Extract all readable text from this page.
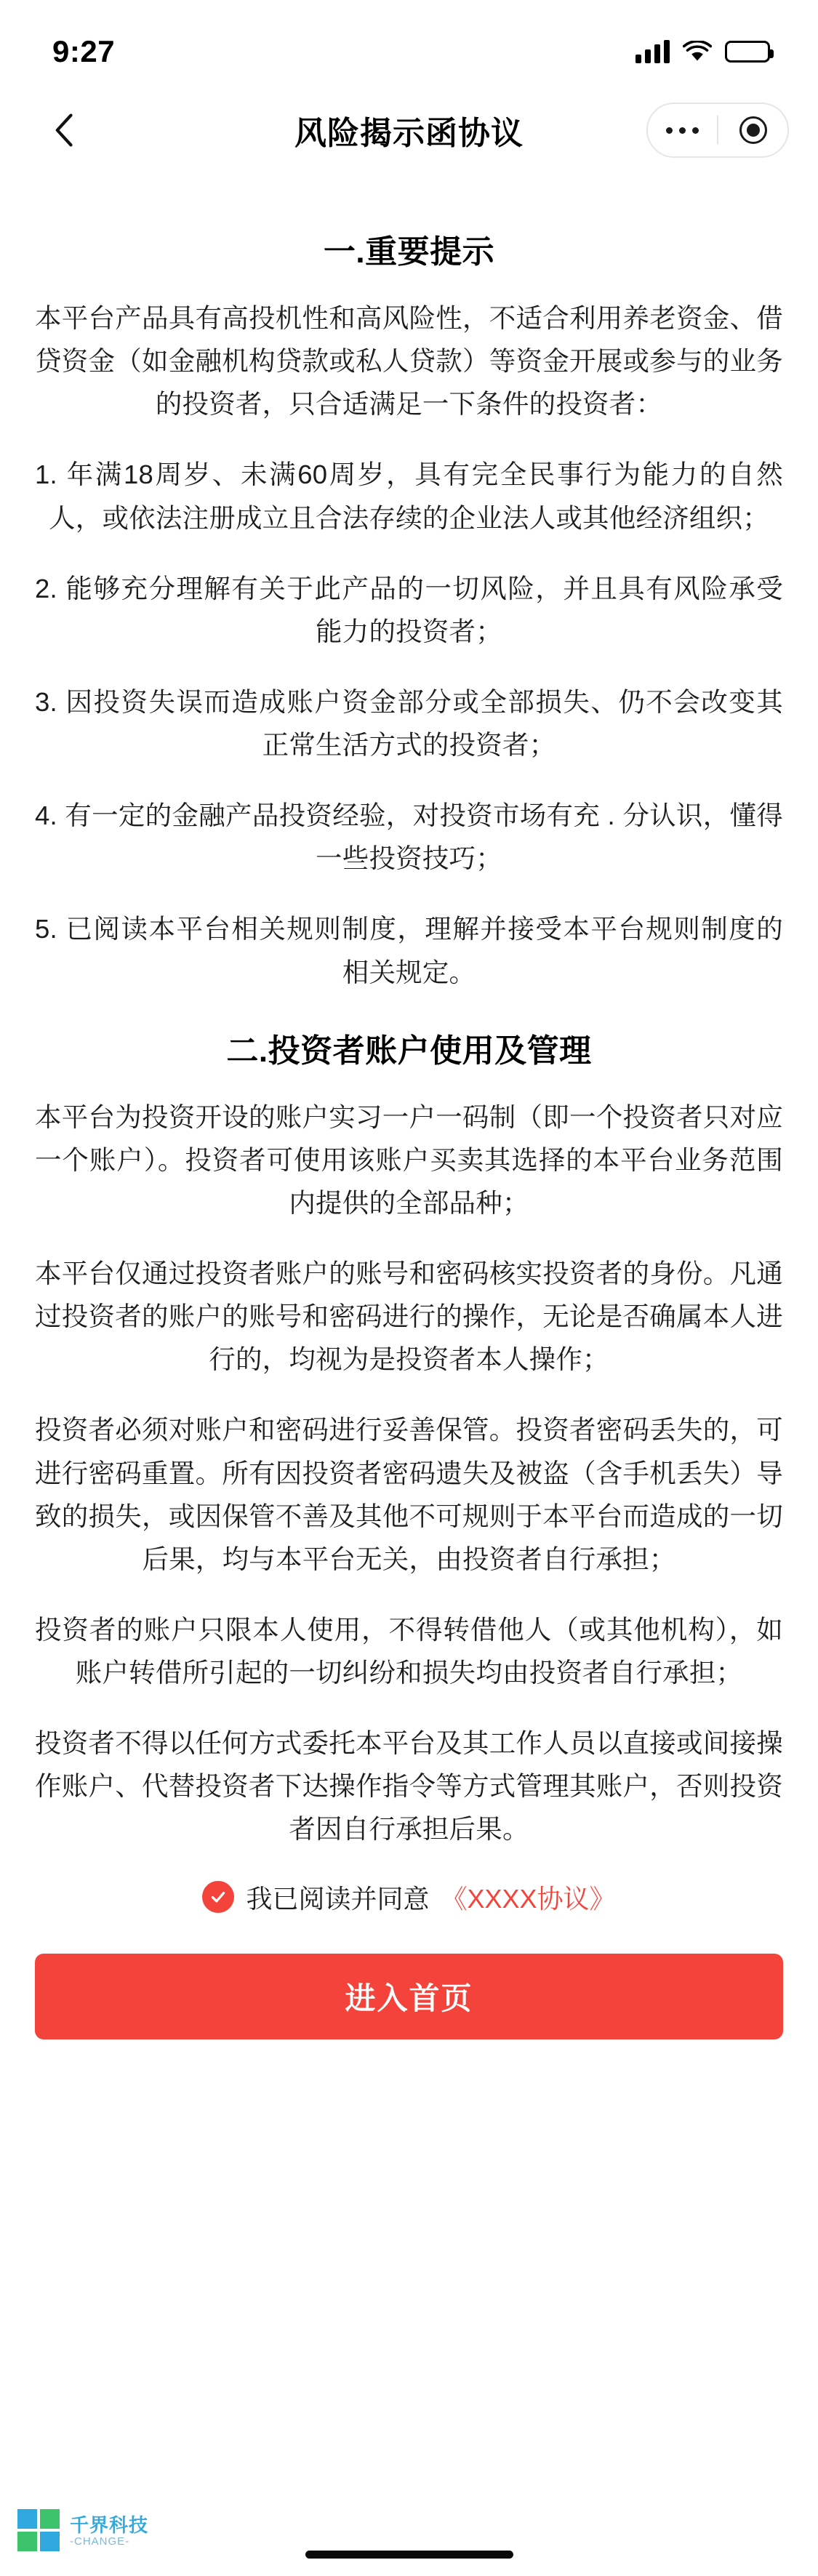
9:27
风险揭示函协议
一.重要提示

本平台产品具有高投机性和高风险性，不适合利用养老资金、借贷资金（如金融机构贷款或私人贷款）等资金开展或参与的业务的投资者，只合适满足一下条件的投资者：

1. 年满18周岁、未满60周岁，具有完全民事行为能力的自然人，或依法注册成立且合法存续的企业法人或其他经济组织；

2. 能够充分理解有关于此产品的一切风险，并且具有风险承受能力的投资者；

3. 因投资失误而造成账户资金部分或全部损失、仍不会改变其正常生活方式的投资者；

4. 有一定的金融产品投资经验，对投资市场有充 . 分认识，懂得一些投资技巧；

5. 已阅读本平台相关规则制度，理解并接受本平台规则制度的相关规定。

二.投资者账户使用及管理

本平台为投资开设的账户实习一户一码制（即一个投资者只对应一个账户）。投资者可使用该账户买卖其选择的本平台业务范围内提供的全部品种；

本平台仅通过投资者账户的账号和密码核实投资者的身份。凡通过投资者的账户的账号和密码进行的操作，无论是否确属本人进行的，均视为是投资者本人操作；

投资者必须对账户和密码进行妥善保管。投资者密码丢失的，可进行密码重置。所有因投资者密码遗失及被盗（含手机丢失）导致的损失，或因保管不善及其他不可规则于本平台而造成的一切后果，均与本平台无关，由投资者自行承担；

投资者的账户只限本人使用，不得转借他人（或其他机构），如账户转借所引起的一切纠纷和损失均由投资者自行承担；

投资者不得以任何方式委托本平台及其工作人员以直接或间接操作账户、代替投资者下达操作指令等方式管理其账户，否则投资者因自行承担后果。

我已阅读并同意 《XXXX协议》
进入首页
千界科技
-CHANGE-
